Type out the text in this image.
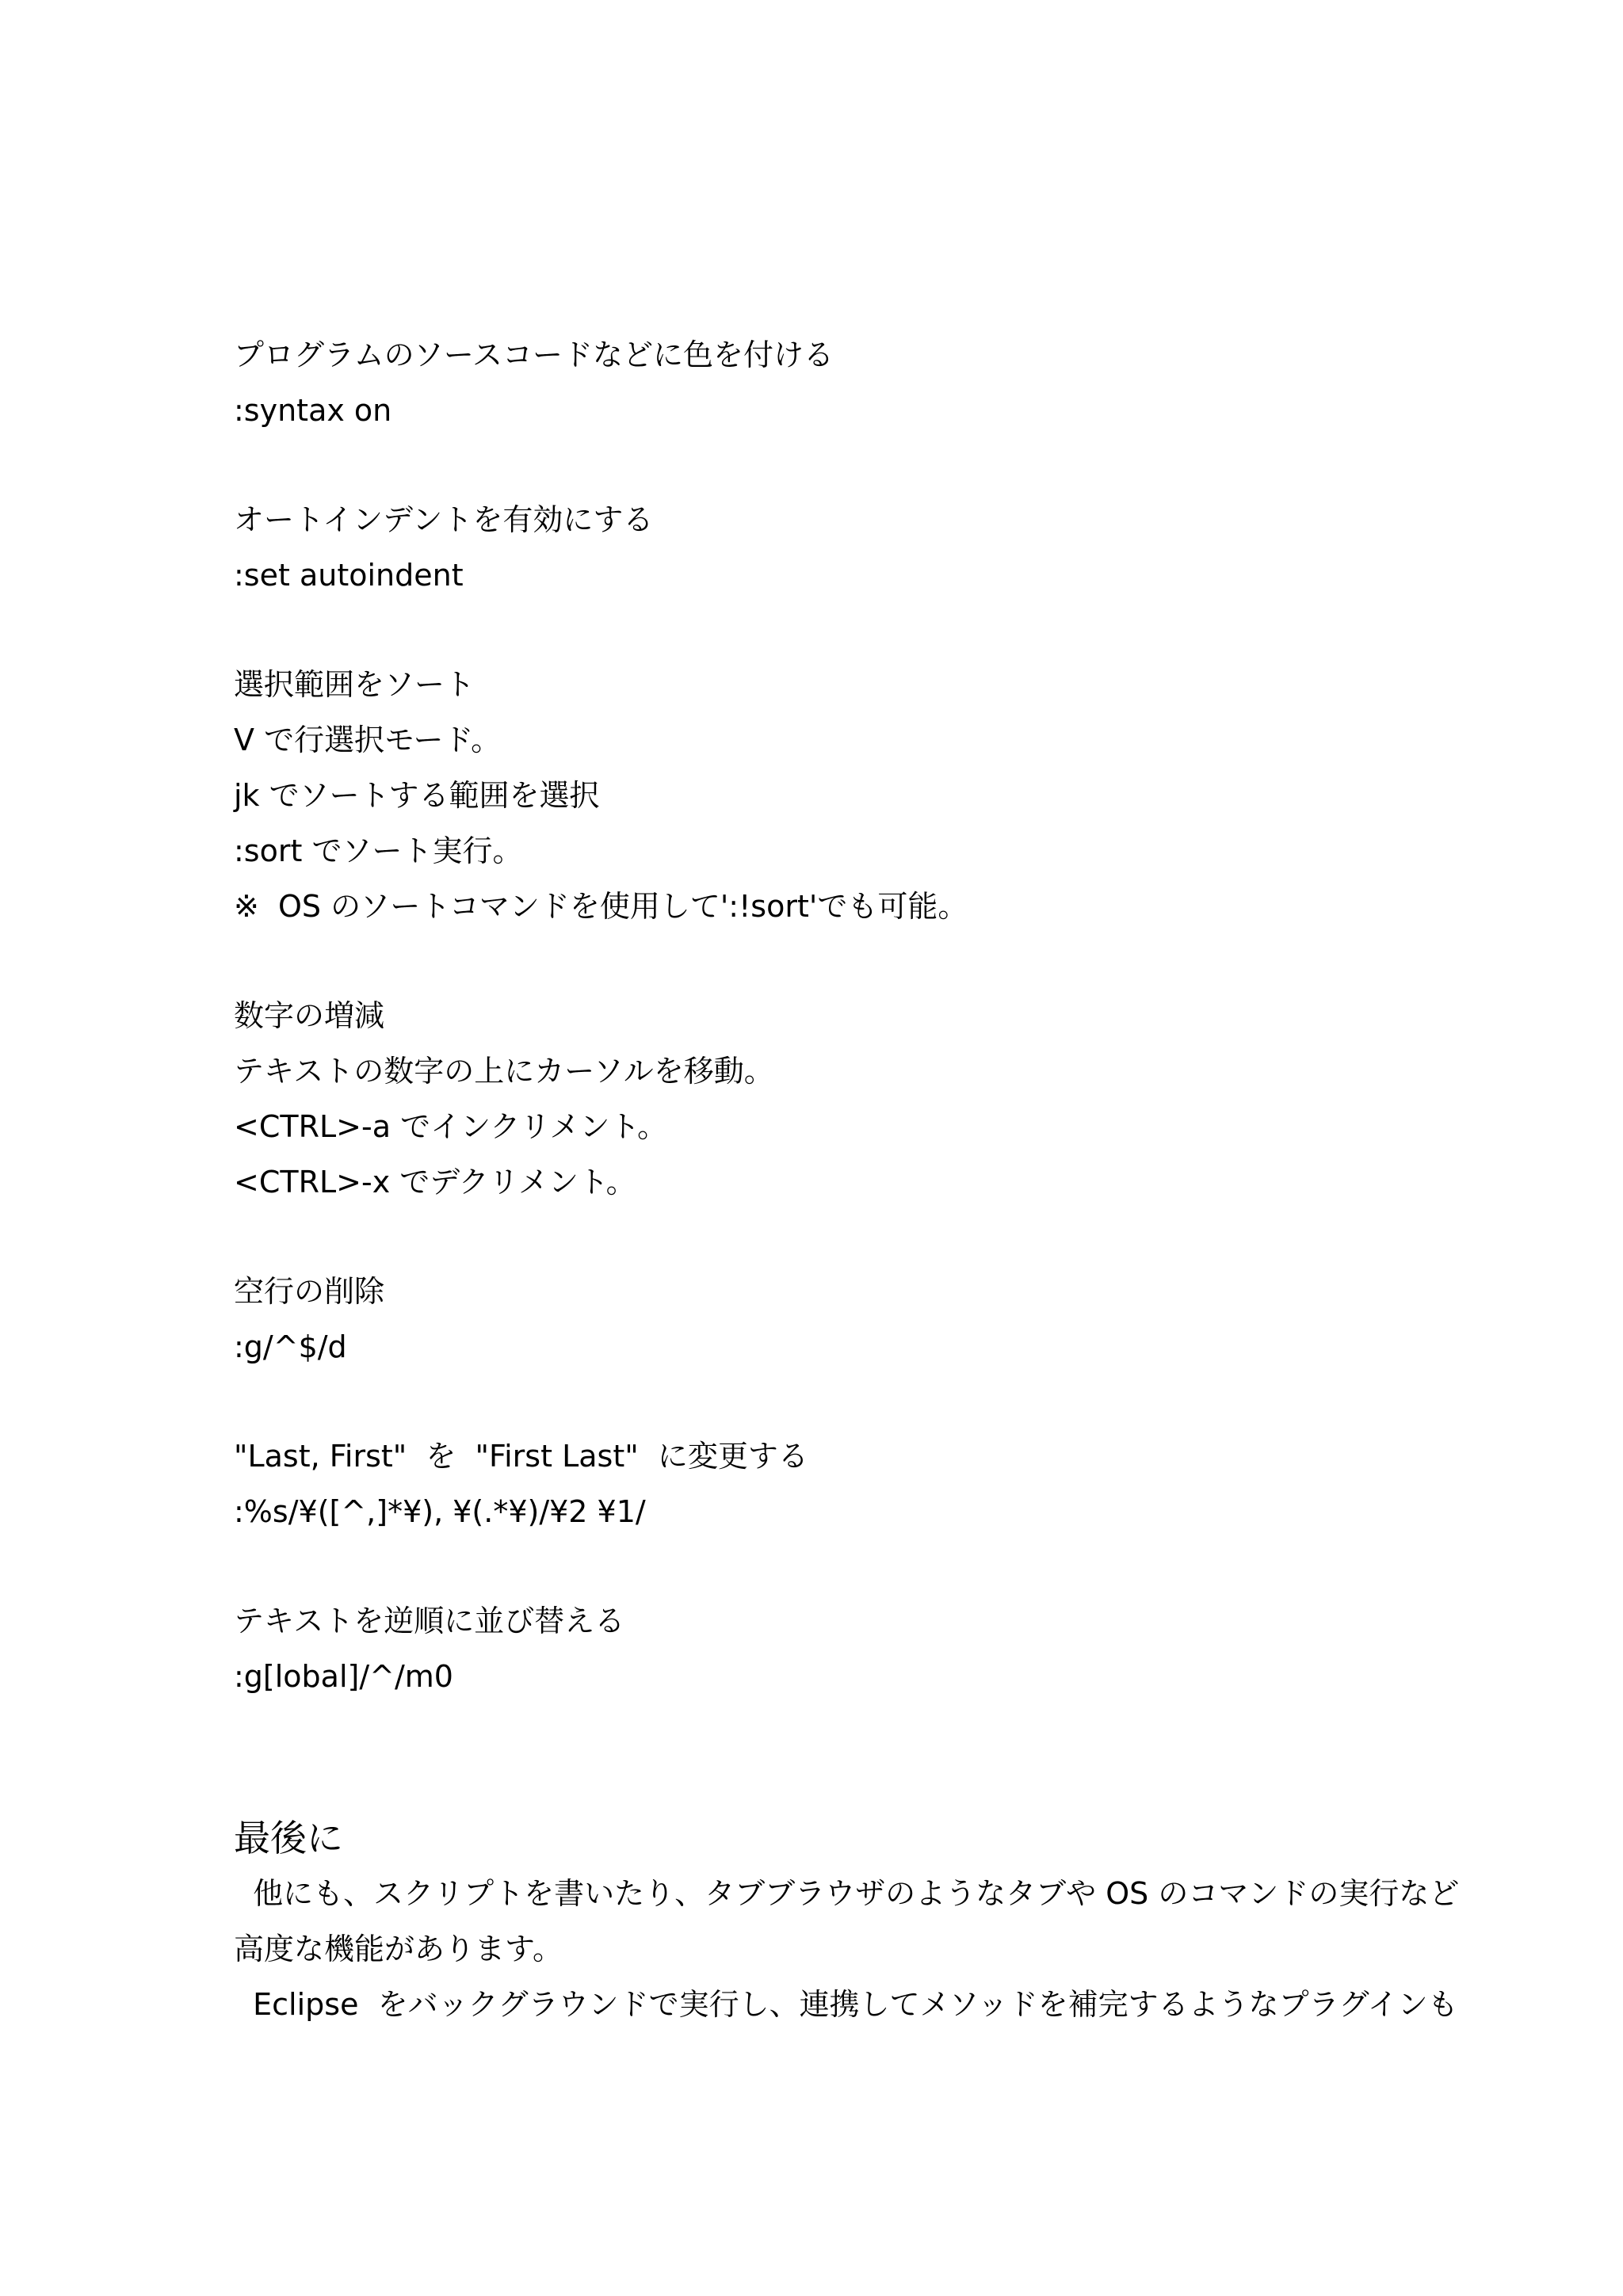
プログラムのソースコードなどに色を付ける
:syntax on
オートインデントを有効にする
:set autoindent
選択範囲をソート
V で行選択モード。
jk でソートする範囲を選択
:sort でソート実行。
※  OS のソートコマンドを使用して':!sort'でも可能。
数字の増減
テキストの数字の上にカーソルを移動。
<CTRL>-a でインクリメント。
<CTRL>-x でデクリメント。
空行の削除
:g/^$/d
"Last, First"  を  "First Last"  に変更する
:%s/¥([^,]*¥), ¥(.*¥)/¥2 ¥1/
テキストを逆順に並び替える
:g[lobal]/^/m0
最後に
他にも、スクリプトを書いたり、タブブラウザのようなタブや OS のコマンドの実行など
高度な機能があります。
Eclipse  をバックグラウンドで実行し、連携してメソッドを補完するようなプラグインも
